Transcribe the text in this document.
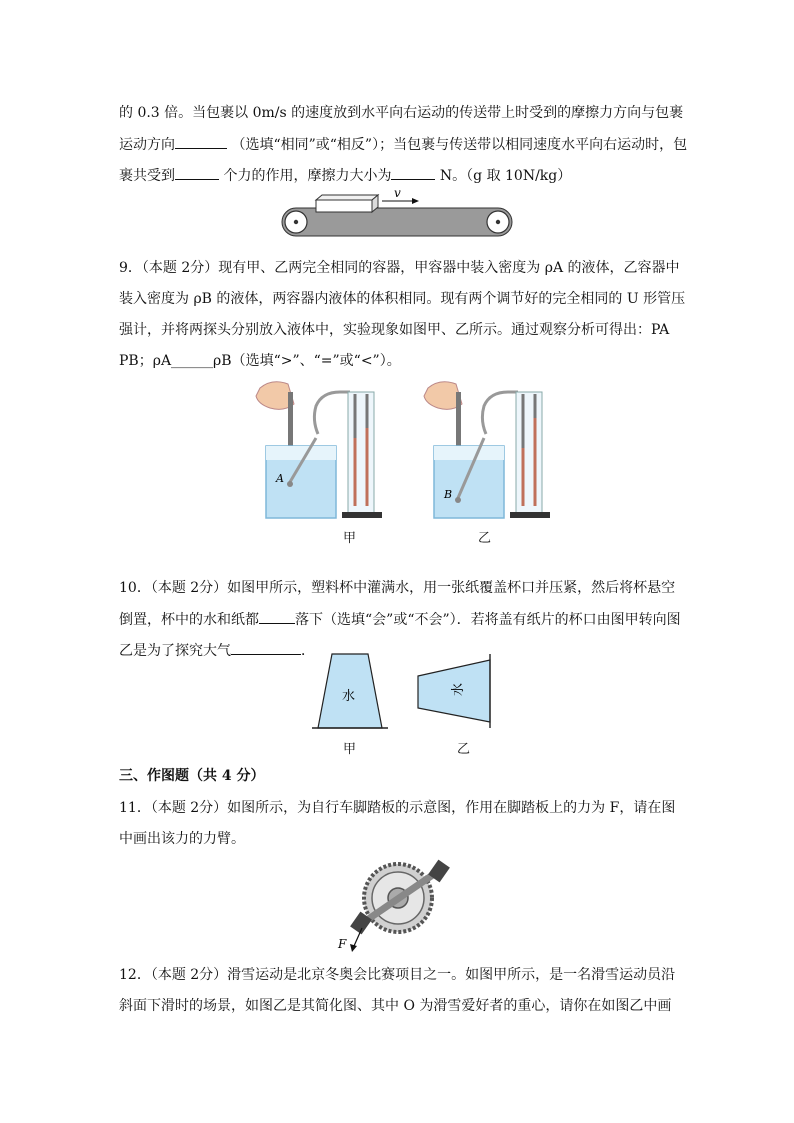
的 0.3 倍。当包裹以 0m/s 的速度放到水平向右运动的传送带上时受到的摩擦力方向与包裹
运动方向	（选填“相同”或“相反”）；当包裹与传送带以相同速度水平向右运动时，包
裹共受到	个力的作用，摩擦力大小为	N。（g 取 10N/kg）
v
9．（本题 2分）现有甲、乙两完全相同的容器，甲容器中装入密度为 ρA 的液体，乙容器中
装入密度为 ρB 的液体，两容器内液体的体积相同。现有两个调节好的完全相同的 U 形管压
强计，并将两探头分别放入液体中，实验现象如图甲、乙所示。通过观察分析可得出：PA
PB；ρA______ρB（选填“>”、“=”或“<”）。
A
B
甲	乙
10．（本题 2分）如图甲所示，塑料杯中灌满水，用一张纸覆盖杯口并压紧，然后将杯悬空
倒置，杯中的水和纸都	落下（选填“会”或“不会”）．若将盖有纸片的杯口由图甲转向图
乙是为了探究大气	．
水	水
甲	乙
三、作图题（共 4 分）
11．（本题 2分）如图所示，为自行车脚踏板的示意图，作用在脚踏板上的力为 F，请在图
中画出该力的力臂。
F
12．（本题 2分）滑雪运动是北京冬奥会比赛项目之一。如图甲所示，是一名滑雪运动员沿
斜面下滑时的场景，如图乙是其简化图、其中 O 为滑雪爱好者的重心，请你在如图乙中画
